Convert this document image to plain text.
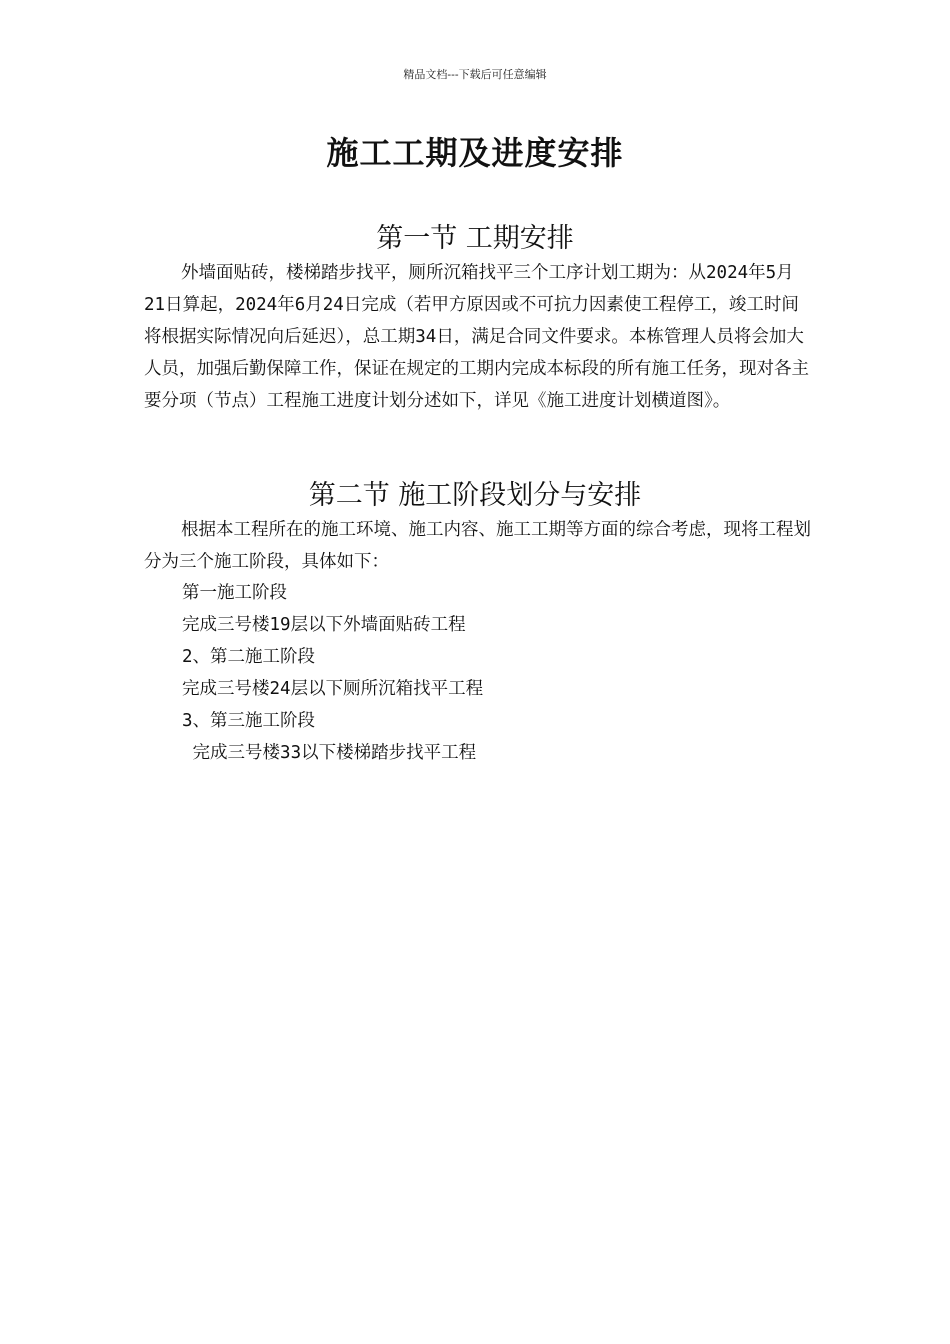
精品文档---下载后可任意编辑
施工工期及进度安排
第一节 工期安排

外墙面贴砖，楼梯踏步找平，厕所沉箱找平三个工序计划工期为：从2024年5月21日算起，2024年6月24日完成（若甲方原因或不可抗力因素使工程停工，竣工时间将根据实际情况向后延迟），总工期34日，满足合同文件要求。本栋管理人员将会加大人员，加强后勤保障工作，保证在规定的工期内完成本标段的所有施工任务，现对各主要分项（节点）工程施工进度计划分述如下，详见《施工进度计划横道图》。

第二节 施工阶段划分与安排

根据本工程所在的施工环境、施工内容、施工工期等方面的综合考虑，现将工程划分为三个施工阶段，具体如下：

第一施工阶段

完成三号楼19层以下外墙面贴砖工程

2、第二施工阶段

完成三号楼24层以下厕所沉箱找平工程

3、第三施工阶段

完成三号楼33以下楼梯踏步找平工程
